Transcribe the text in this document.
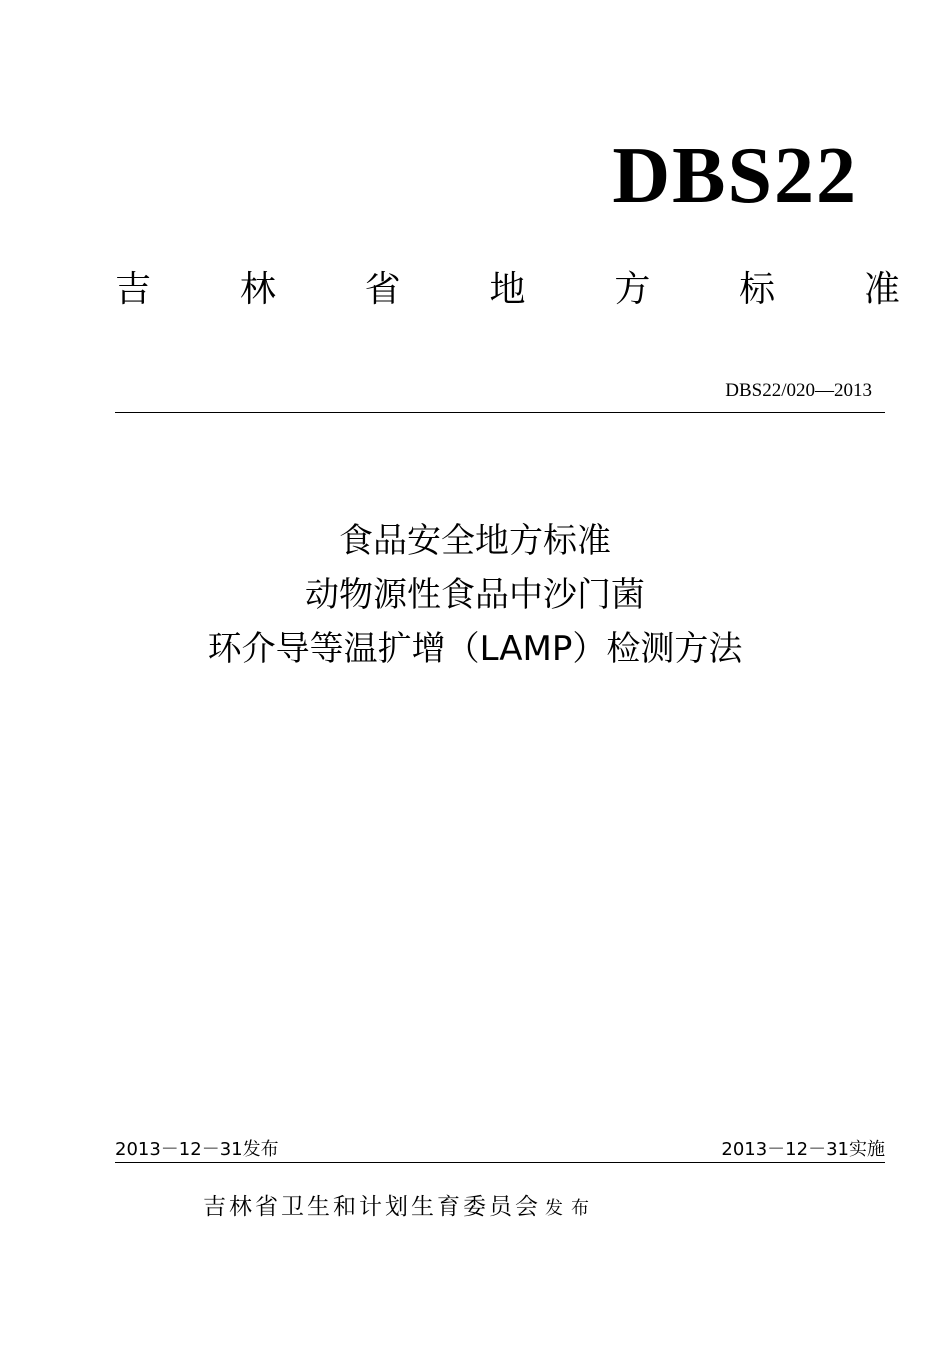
DBS22
吉 林 省 地 方 标 准
DBS22/020—2013
食品安全地方标准
动物源性食品中沙门菌
环介导等温扩增（LAMP）检测方法
2013－12－31发布	2013－12－31实施
吉林省卫生和计划生育委员会 发布
